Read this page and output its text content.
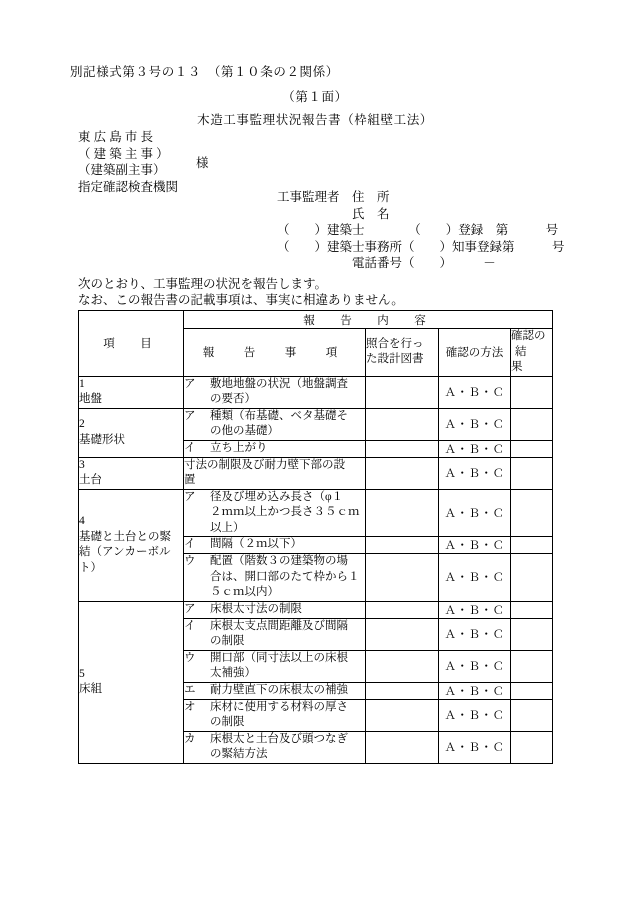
別記様式第３号の１３　（第１０条の２関係）
（第１面）
木造工事監理状況報告書（枠組壁工法）
東 広 島 市 長
（ 建 築 主 事 ）
（建築副主事）
指定確認検査機関
様
工事監理者　住　所
　　　　　　氏　名
（　　）建築士　　　　（　　）登録　第　　　号
（　　）建築士事務所（　　）知事登録第　　　号
　　　　　　電話番号（　　）　　　－
次のとおり、工事監理の状況を報告します。
なお、この報告書の記載事項は、事実に相違ありません。
項　目	報　告　内　容			
	報　告　事　項	照合を行っ
た設計図書	確認の方法	確認の
結　果

1
地盤	ア 敷地地盤の状況（地盤調査
の要否）		Ａ・Ｂ・Ｃ	

2
基礎形状	ア 種類（布基礎、ベタ基礎そ
の他の基礎）		Ａ・Ｂ・Ｃ	

	イ 立ち上がり		Ａ・Ｂ・Ｃ	

3
土台	寸法の制限及び耐力壁下部の設
置		Ａ・Ｂ・Ｃ	

4
基礎と土台との緊
結（アンカーボル
ト）	ア 径及び埋め込み長さ（φ１
２ｍｍ以上かつ長さ３５ｃｍ
以上）		Ａ・Ｂ・Ｃ	

	イ 間隔（２ｍ以下）		Ａ・Ｂ・Ｃ	

	ウ 配置（階数３の建築物の場
合は、開口部のたて枠から１
５ｃｍ以内）		Ａ・Ｂ・Ｃ	

5
床組	ア 床根太寸法の制限		Ａ・Ｂ・Ｃ	

	イ 床根太支点間距離及び間隔
の制限		Ａ・Ｂ・Ｃ	

	ウ 開口部（同寸法以上の床根
太補強）		Ａ・Ｂ・Ｃ	

	エ 耐力壁直下の床根太の補強		Ａ・Ｂ・Ｃ	

	オ 床材に使用する材料の厚さ
の制限		Ａ・Ｂ・Ｃ	

	カ 床根太と土台及び頭つなぎ
の緊結方法		Ａ・Ｂ・Ｃ	
